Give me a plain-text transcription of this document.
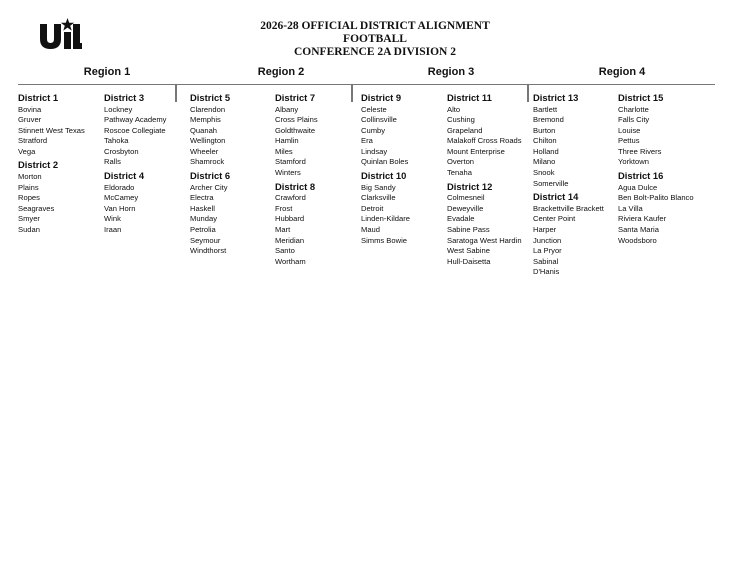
2026-28 OFFICIAL DISTRICT ALIGNMENT
FOOTBALL
CONFERENCE 2A DIVISION 2
Region 1	Region 2	Region 3	Region 4
District 1
Bovina
Gruver
Stinnett West Texas
Stratford
Vega
District 2
Morton
Plains
Ropes
Seagraves
Smyer
Sudan
District 3
Lockney
Pathway Academy
Roscoe Collegiate
Tahoka
Crosbyton
Ralls
District 4
Eldorado
McCamey
Van Horn
Wink
Iraan
District 5
Clarendon
Memphis
Quanah
Wellington
Wheeler
Shamrock
District 6
Archer City
Electra
Haskell
Munday
Petrolia
Seymour
Windthorst
District 7
Albany
Cross Plains
Goldthwaite
Hamlin
Miles
Stamford
Winters
District 8
Crawford
Frost
Hubbard
Mart
Meridian
Santo
Wortham
District 9
Celeste
Collinsville
Cumby
Era
Lindsay
Quinlan Boles
District 10
Big Sandy
Clarksville
Detroit
Linden-Kildare
Maud
Simms Bowie
District 11
Alto
Cushing
Grapeland
Malakoff Cross Roads
Mount Enterprise
Overton
Tenaha
District 12
Colmesneil
Deweyville
Evadale
Sabine Pass
Saratoga West Hardin
West Sabine
Hull-Daisetta
District 13
Bartlett
Bremond
Burton
Chilton
Holland
Milano
Snook
Somerville
District 14
Brackettville Brackett
Center Point
Harper
Junction
La Pryor
Sabinal
D'Hanis
District 15
Charlotte
Falls City
Louise
Pettus
Three Rivers
Yorktown
District 16
Agua Dulce
Ben Bolt-Palito Blanco
La Villa
Riviera Kaufer
Santa Maria
Woodsboro
